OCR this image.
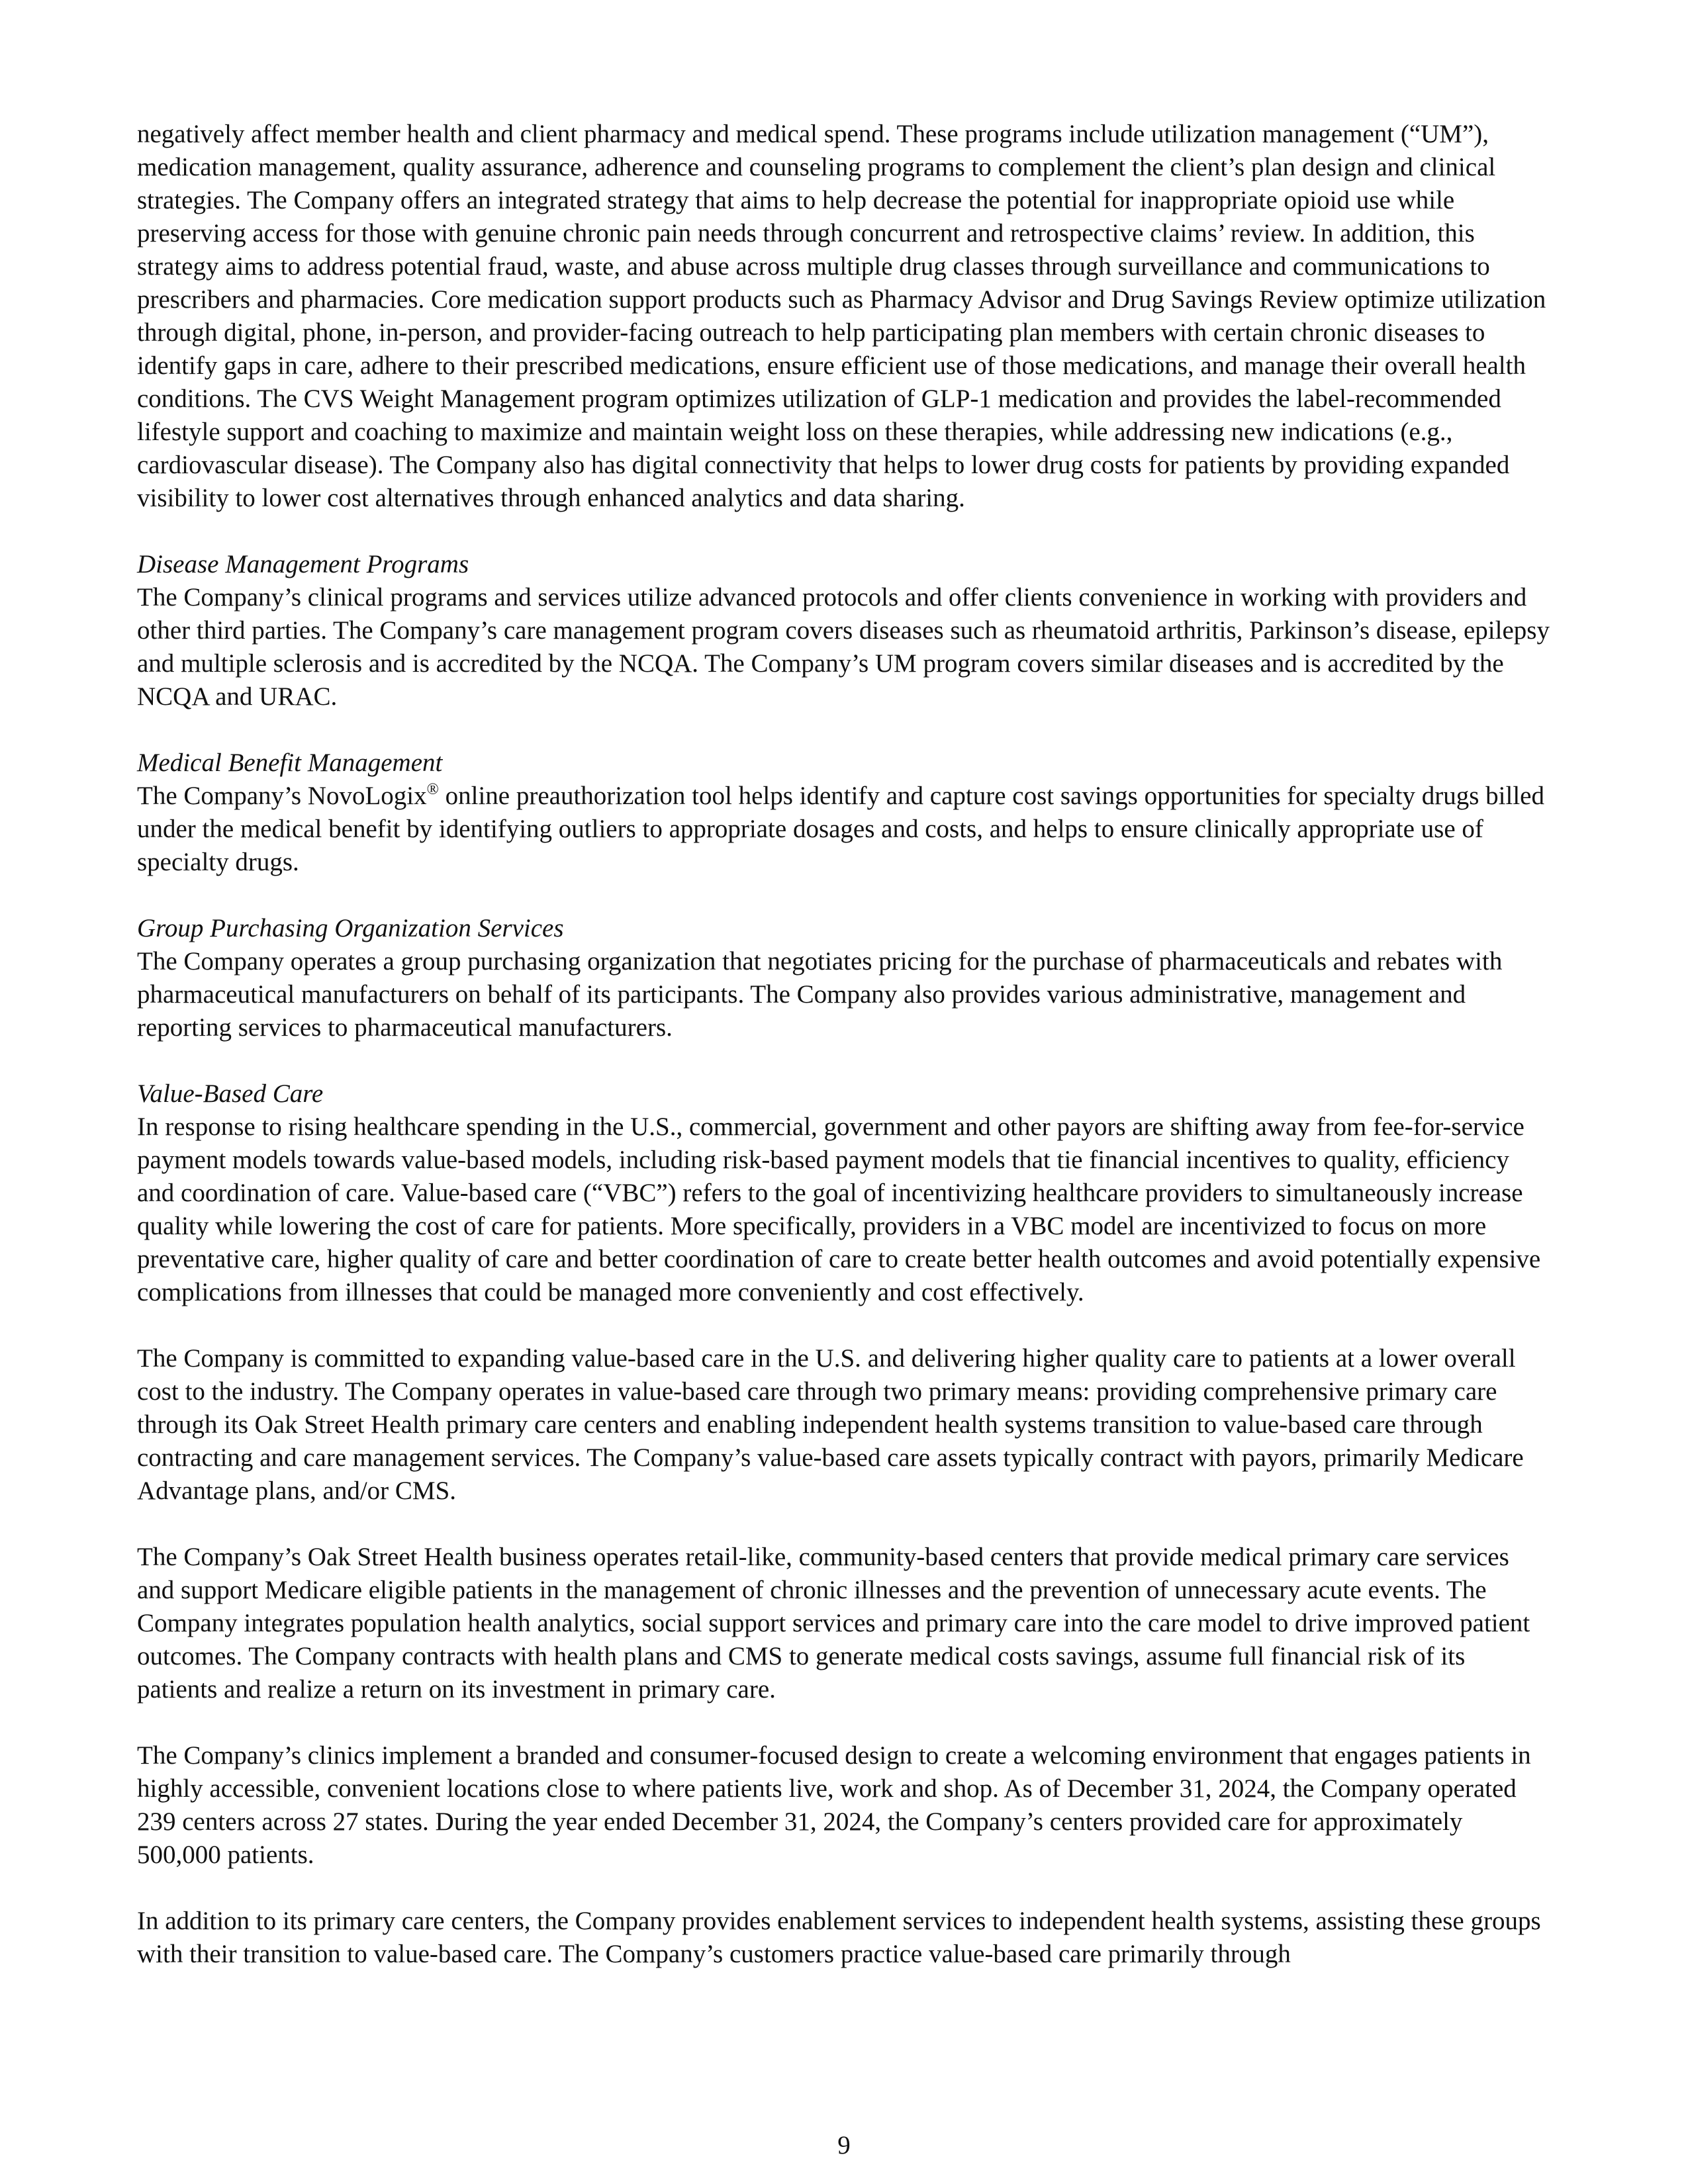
negatively affect member health and client pharmacy and medical spend. These programs include utilization management (“UM”), medication management, quality assurance, adherence and counseling programs to complement the client’s plan design and clinical strategies. The Company offers an integrated strategy that aims to help decrease the potential for inappropriate opioid use while preserving access for those with genuine chronic pain needs through concurrent and retrospective claims’ review. In addition, this strategy aims to address potential fraud, waste, and abuse across multiple drug classes through surveillance and communications to prescribers and pharmacies. Core medication support products such as Pharmacy Advisor and Drug Savings Review optimize utilization through digital, phone, in-person, and provider-facing outreach to help participating plan members with certain chronic diseases to identify gaps in care, adhere to their prescribed medications, ensure efficient use of those medications, and manage their overall health conditions. The CVS Weight Management program optimizes utilization of GLP-1 medication and provides the label-recommended lifestyle support and coaching to maximize and maintain weight loss on these therapies, while addressing new indications (e.g., cardiovascular disease). The Company also has digital connectivity that helps to lower drug costs for patients by providing expanded visibility to lower cost alternatives through enhanced analytics and data sharing.

Disease Management Programs

The Company’s clinical programs and services utilize advanced protocols and offer clients convenience in working with providers and other third parties. The Company’s care management program covers diseases such as rheumatoid arthritis, Parkinson’s disease, epilepsy and multiple sclerosis and is accredited by the NCQA. The Company’s UM program covers similar diseases and is accredited by the NCQA and URAC.

Medical Benefit Management

The Company’s NovoLogix® online preauthorization tool helps identify and capture cost savings opportunities for specialty drugs billed under the medical benefit by identifying outliers to appropriate dosages and costs, and helps to ensure clinically appropriate use of specialty drugs.

Group Purchasing Organization Services

The Company operates a group purchasing organization that negotiates pricing for the purchase of pharmaceuticals and rebates with pharmaceutical manufacturers on behalf of its participants. The Company also provides various administrative, management and reporting services to pharmaceutical manufacturers.

Value-Based Care

In response to rising healthcare spending in the U.S., commercial, government and other payors are shifting away from fee-for-service payment models towards value-based models, including risk-based payment models that tie financial incentives to quality, efficiency and coordination of care. Value-based care (“VBC”) refers to the goal of incentivizing healthcare providers to simultaneously increase quality while lowering the cost of care for patients. More specifically, providers in a VBC model are incentivized to focus on more preventative care, higher quality of care and better coordination of care to create better health outcomes and avoid potentially expensive complications from illnesses that could be managed more conveniently and cost effectively.

The Company is committed to expanding value-based care in the U.S. and delivering higher quality care to patients at a lower overall cost to the industry. The Company operates in value-based care through two primary means: providing comprehensive primary care through its Oak Street Health primary care centers and enabling independent health systems transition to value-based care through contracting and care management services. The Company’s value-based care assets typically contract with payors, primarily Medicare Advantage plans, and/or CMS.

The Company’s Oak Street Health business operates retail-like, community-based centers that provide medical primary care services and support Medicare eligible patients in the management of chronic illnesses and the prevention of unnecessary acute events. The Company integrates population health analytics, social support services and primary care into the care model to drive improved patient outcomes. The Company contracts with health plans and CMS to generate medical costs savings, assume full financial risk of its patients and realize a return on its investment in primary care.

The Company’s clinics implement a branded and consumer-focused design to create a welcoming environment that engages patients in highly accessible, convenient locations close to where patients live, work and shop. As of December 31, 2024, the Company operated 239 centers across 27 states. During the year ended December 31, 2024, the Company’s centers provided care for approximately 500,000 patients.

In addition to its primary care centers, the Company provides enablement services to independent health systems, assisting these groups with their transition to value-based care. The Company’s customers practice value-based care primarily through

9
